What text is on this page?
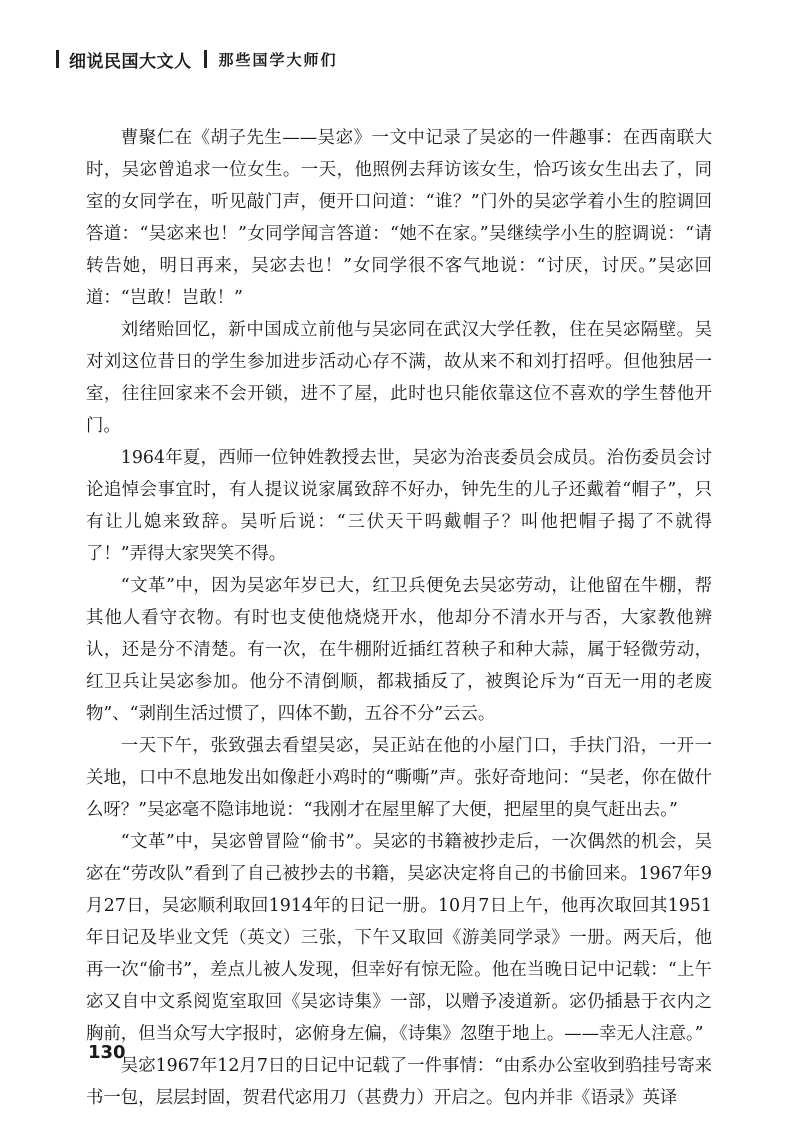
细说民国大文人 那些国学大师们

曹聚仁在《胡子先生——吴宓》一文中记录了吴宓的一件趣事：在西南联大时，吴宓曾追求一位女生。一天，他照例去拜访该女生，恰巧该女生出去了，同室的女同学在，听见敲门声，便开口问道：“谁？”门外的吴宓学着小生的腔调回答道：“吴宓来也！”女同学闻言答道：“她不在家。”吴继续学小生的腔调说：“请转告她，明日再来，吴宓去也！”女同学很不客气地说：“讨厌，讨厌。”吴宓回道：“岂敢！岂敢！”

刘绪贻回忆，新中国成立前他与吴宓同在武汉大学任教，住在吴宓隔壁。吴对刘这位昔日的学生参加进步活动心存不满，故从来不和刘打招呼。但他独居一室，往往回家来不会开锁，进不了屋，此时也只能依靠这位不喜欢的学生替他开门。

1964年夏，西师一位钟姓教授去世，吴宓为治丧委员会成员。治伤委员会讨论追悼会事宜时，有人提议说家属致辞不好办，钟先生的儿子还戴着“帽子”，只有让儿媳来致辞。吴听后说：“三伏天干吗戴帽子？叫他把帽子揭了不就得了！”弄得大家哭笑不得。

“文革”中，因为吴宓年岁已大，红卫兵便免去吴宓劳动，让他留在牛棚，帮其他人看守衣物。有时也支使他烧烧开水，他却分不清水开与否，大家教他辨认，还是分不清楚。有一次，在牛棚附近插红苕秧子和种大蒜，属于轻微劳动，红卫兵让吴宓参加。他分不清倒顺，都栽插反了，被舆论斥为“百无一用的老废物”、“剥削生活过惯了，四体不勤，五谷不分”云云。

一天下午，张致强去看望吴宓，吴正站在他的小屋门口，手扶门沿，一开一关地，口中不息地发出如像赶小鸡时的“嘶嘶”声。张好奇地问：“吴老，你在做什么呀？”吴宓毫不隐讳地说：“我刚才在屋里解了大便，把屋里的臭气赶出去。”

“文革”中，吴宓曾冒险“偷书”。吴宓的书籍被抄走后，一次偶然的机会，吴宓在“劳改队”看到了自己被抄去的书籍，吴宓决定将自己的书偷回来。1967年9月27日，吴宓顺利取回1914年的日记一册。10月7日上午，他再次取回其1951年日记及毕业文凭（英文）三张，下午又取回《游美同学录》一册。两天后，他再一次“偷书”，差点儿被人发现，但幸好有惊无险。他在当晚日记中记载：“上午宓又自中文系阅览室取回《吴宓诗集》一部，以赠予凌道新。宓仍插悬于衣内之胸前，但当众写大字报时，宓俯身左偏，《诗集》忽堕于地上。——幸无人注意。”

吴宓1967年12月7日的日记中记载了一件事情：“由系办公室收到驺挂号寄来书一包，层层封固，贺君代宓用刀（甚费力）开启之。包内并非《语录》英译

130
